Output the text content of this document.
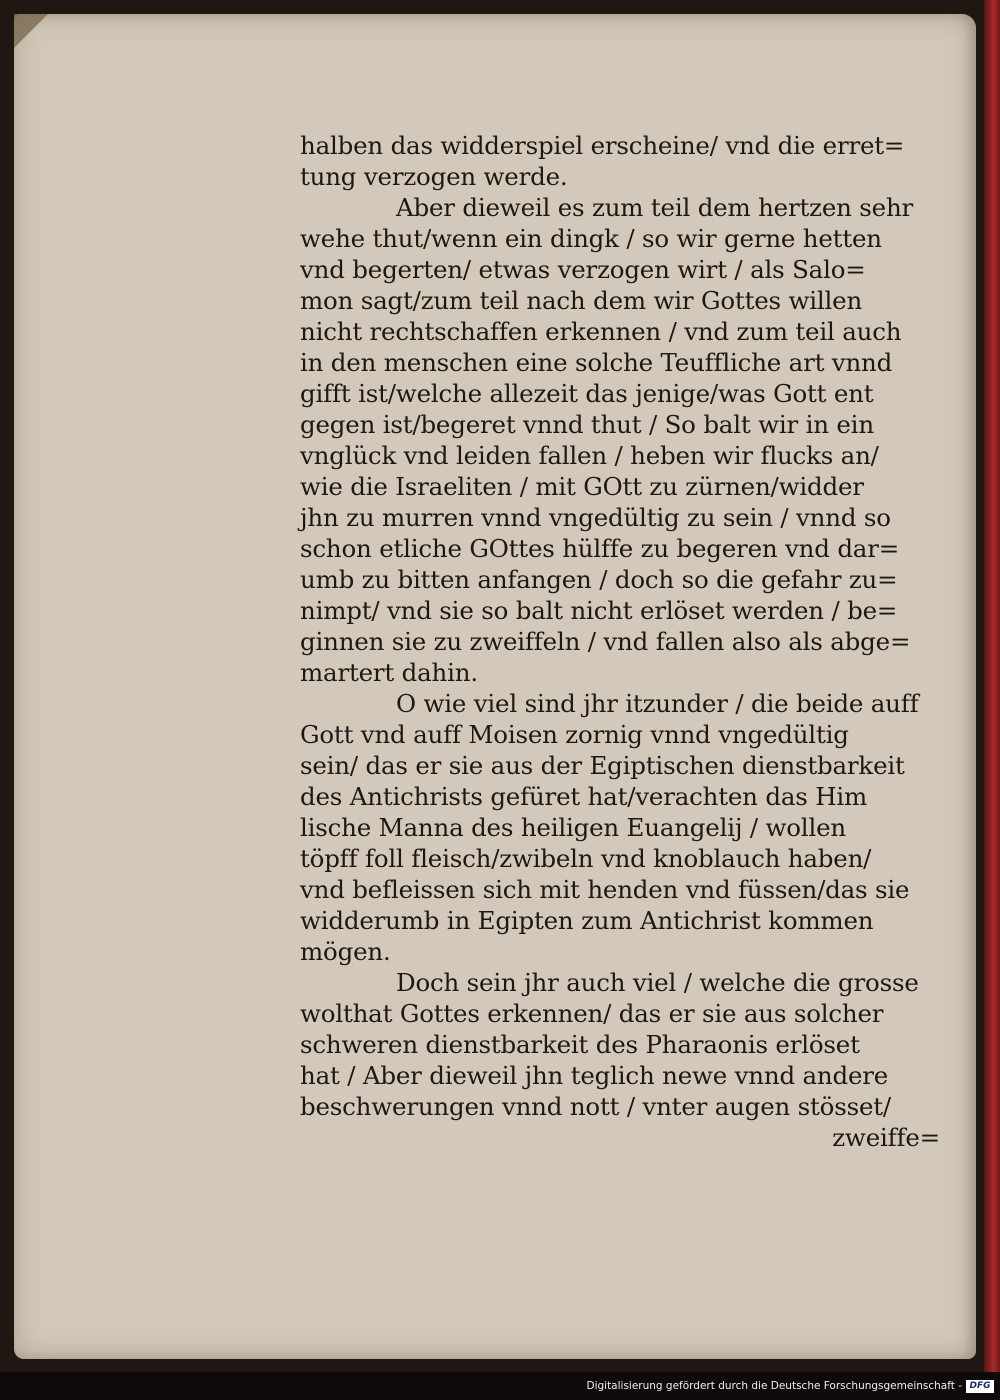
halben das widderspiel erscheine/ vnd die erret=
tung verzogen werde.
Aber dieweil es zum teil dem hertzen sehr
wehe thut/wenn ein dingk / so wir gerne hetten
vnd begerten/ etwas verzogen wirt / als Salo=
mon sagt/zum teil nach dem wir Gottes willen
nicht rechtschaffen erkennen / vnd zum teil auch
in den menschen eine solche Teuffliche art vnnd
gifft ist/welche allezeit das jenige/was Gott ent
gegen ist/begeret vnnd thut / So balt wir in ein
vnglück vnd leiden fallen / heben wir flucks an/
wie die Israeliten / mit GOtt zu zürnen/widder
jhn zu murren vnnd vngedültig zu sein / vnnd so
schon etliche GOttes hülffe zu begeren vnd dar=
umb zu bitten anfangen / doch so die gefahr zu=
nimpt/ vnd sie so balt nicht erlöset werden / be=
ginnen sie zu zweiffeln / vnd fallen also als abge=
martert dahin.
O wie viel sind jhr itzunder / die beide auff
Gott vnd auff Moisen zornig vnnd vngedültig
sein/ das er sie aus der Egiptischen dienstbarkeit
des Antichrists gefüret hat/verachten das Him
lische Manna des heiligen Euangelij / wollen
töpff foll fleisch/zwibeln vnd knoblauch haben/
vnd befleissen sich mit henden vnd füssen/das sie
widderumb in Egipten zum Antichrist kommen
mögen.
Doch sein jhr auch viel / welche die grosse
wolthat Gottes erkennen/ das er sie aus solcher
schweren dienstbarkeit des Pharaonis erlöset
hat / Aber dieweil jhn teglich newe vnnd andere
beschwerungen vnnd nott / vnter augen stösset/
zweiffe=
Digitalisierung gefördert durch die Deutsche Forschungsgemeinschaft - DFG
